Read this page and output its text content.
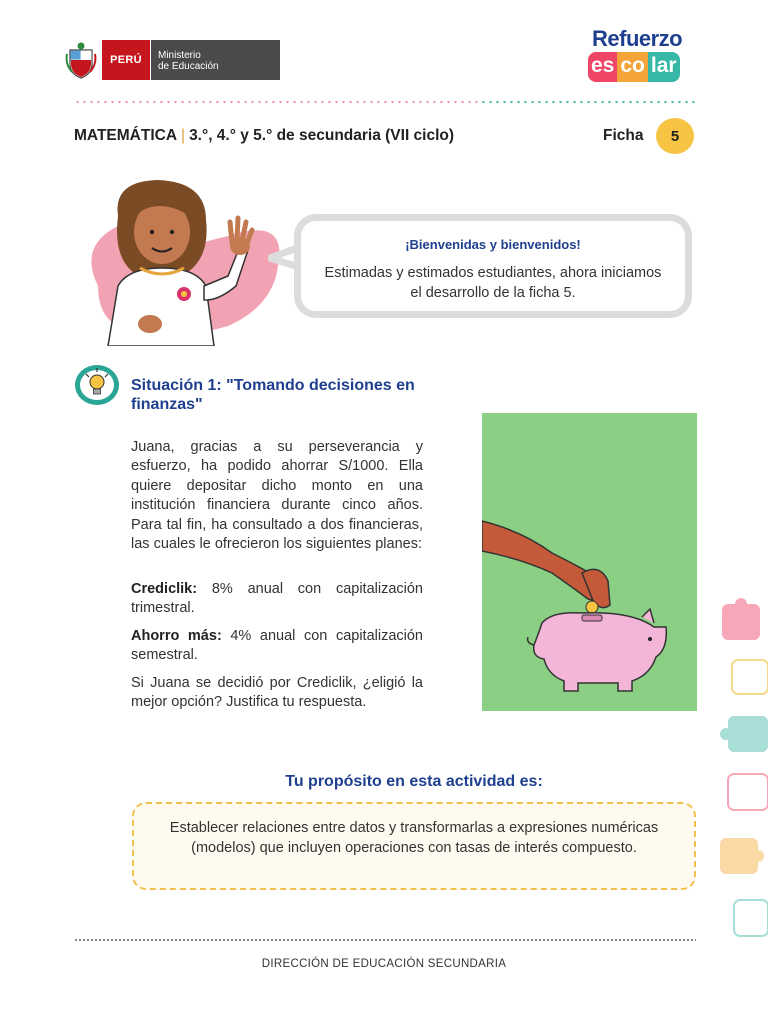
PERÚ	Ministerio
de Educación
Refuerzo
es co lar
MATEMÁTICA | 3.°, 4.° y 5.° de secundaria (VII ciclo)	Ficha	5
¡Bienvenidas y bienvenidos!
Estimadas y estimados estudiantes, ahora iniciamos el desarrollo de la ficha 5.
Situación 1: "Tomando decisiones en finanzas"
Juana, gracias a su perseverancia y esfuerzo, ha podido ahorrar S/1000. Ella quiere depositar dicho monto en una institución financiera durante cinco años. Para tal fin, ha consultado a dos financieras, las cuales le ofrecieron los siguientes planes:
Crediclik: 8% anual con capitalización trimestral.
Ahorro más: 4% anual con capitalización semestral.
Si Juana se decidió por Crediclik, ¿eligió la mejor opción? Justifica tu respuesta.
Tu propósito en esta actividad es:
Establecer relaciones entre datos y transformarlas a expresiones numéricas (modelos) que incluyen operaciones con tasas de interés compuesto.
DIRECCIÓN DE EDUCACIÓN SECUNDARIA
